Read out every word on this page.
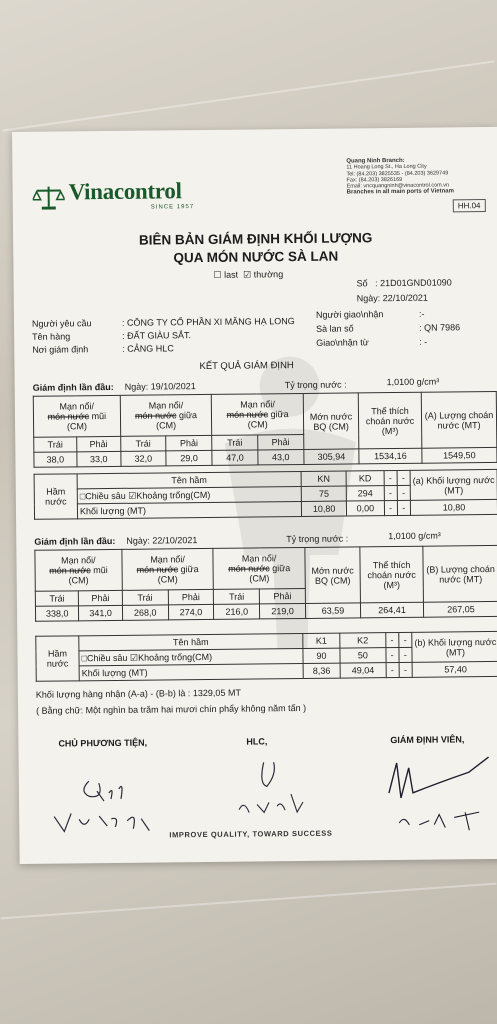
Quang Ninh Branch:
11 Hoang Long St., Ha Long City
Tel: (84.203) 3825535 - (84.203) 3629749
Fax: (84.203) 3826169
Email: vncquangninh@vinacontrol.com.vn
Branches in all main ports of Vietnam
Vinacontrol
SINCE 1957	HH.04
BIÊN BẢN GIÁM ĐỊNH KHỐI LƯỢNG
QUA MÓN NƯỚC SÀ LAN
☐ last ☑ thường
Số : 21D01GND01090
Ngày: 22/10/2021
Người yêu cầu	: CÔNG TY CỔ PHẦN XI MĂNG HẠ LONG
Tên hàng	: ĐẤT GIÀU SẮT.
Nơi giám định	: CẢNG HLC
Người giao\nhận	:-
Sà lan số	: QN 7986
Giao\nhận từ	: -
KẾT QUẢ GIÁM ĐỊNH
Giám định lần đầu: Ngày: 19/10/2021	Tỷ trọng nước :	1,0100 g/cm³
Mạn nổi/
món nước mũi
(CM)		Mạn nổi/
món nước giữa
(CM)		Mạn nổi/
món nước giữa
(CM)		Mớn nước BQ (CM)	Thể thích choán nước
(M³)	(A) Lượng choán nước (MT)
Trái	Phải	Trái	Phải	Trái	Phải			
38,0	33,0	32,0	29,0	47,0	43,0	305,94	1534,16	1549,50
Hầm nước	Tên hầm	KN	KD	-	-	(a) Khối lượng nước (MT)
	□Chiều sâu ☑Khoảng trống(CM)	75	294	-	-	
	Khối lượng (MT)	10,80	0,00	-	-	10,80
Giám định lần đầu: Ngày: 22/10/2021	Tỷ trọng nước :	1,0100 g/cm³
Mạn nổi/
món nước mũi
(CM)		Mạn nổi/
món nước giữa
(CM)		Mạn nổi/
món nước giữa
(CM)		Mớn nước BQ (CM)	Thể thích choán nước
(M³)	(B) Lượng choán nước (MT)
Trái	Phải	Trái	Phải	Trái	Phải			
338,0	341,0	268,0	274,0	216,0	219,0	63,59	264,41	267,05
Hầm nước	Tên hầm	K1	K2	-	-	(b) Khối lượng nước (MT)
	□Chiều sâu ☑Khoảng trống(CM)	90	50	-	-	
	Khối lượng (MT)	8,36	49,04	-	-	57,40
Khối lượng hàng nhận (A-a) - (B-b) là : 1329,05 MT
( Bằng chữ: Một nghìn ba trăm hai mươi chín phẩy không năm tấn )
CHỦ PHƯƠNG TIỆN,	HLC,	GIÁM ĐỊNH VIÊN,
IMPROVE QUALITY, TOWARD SUCCESS
